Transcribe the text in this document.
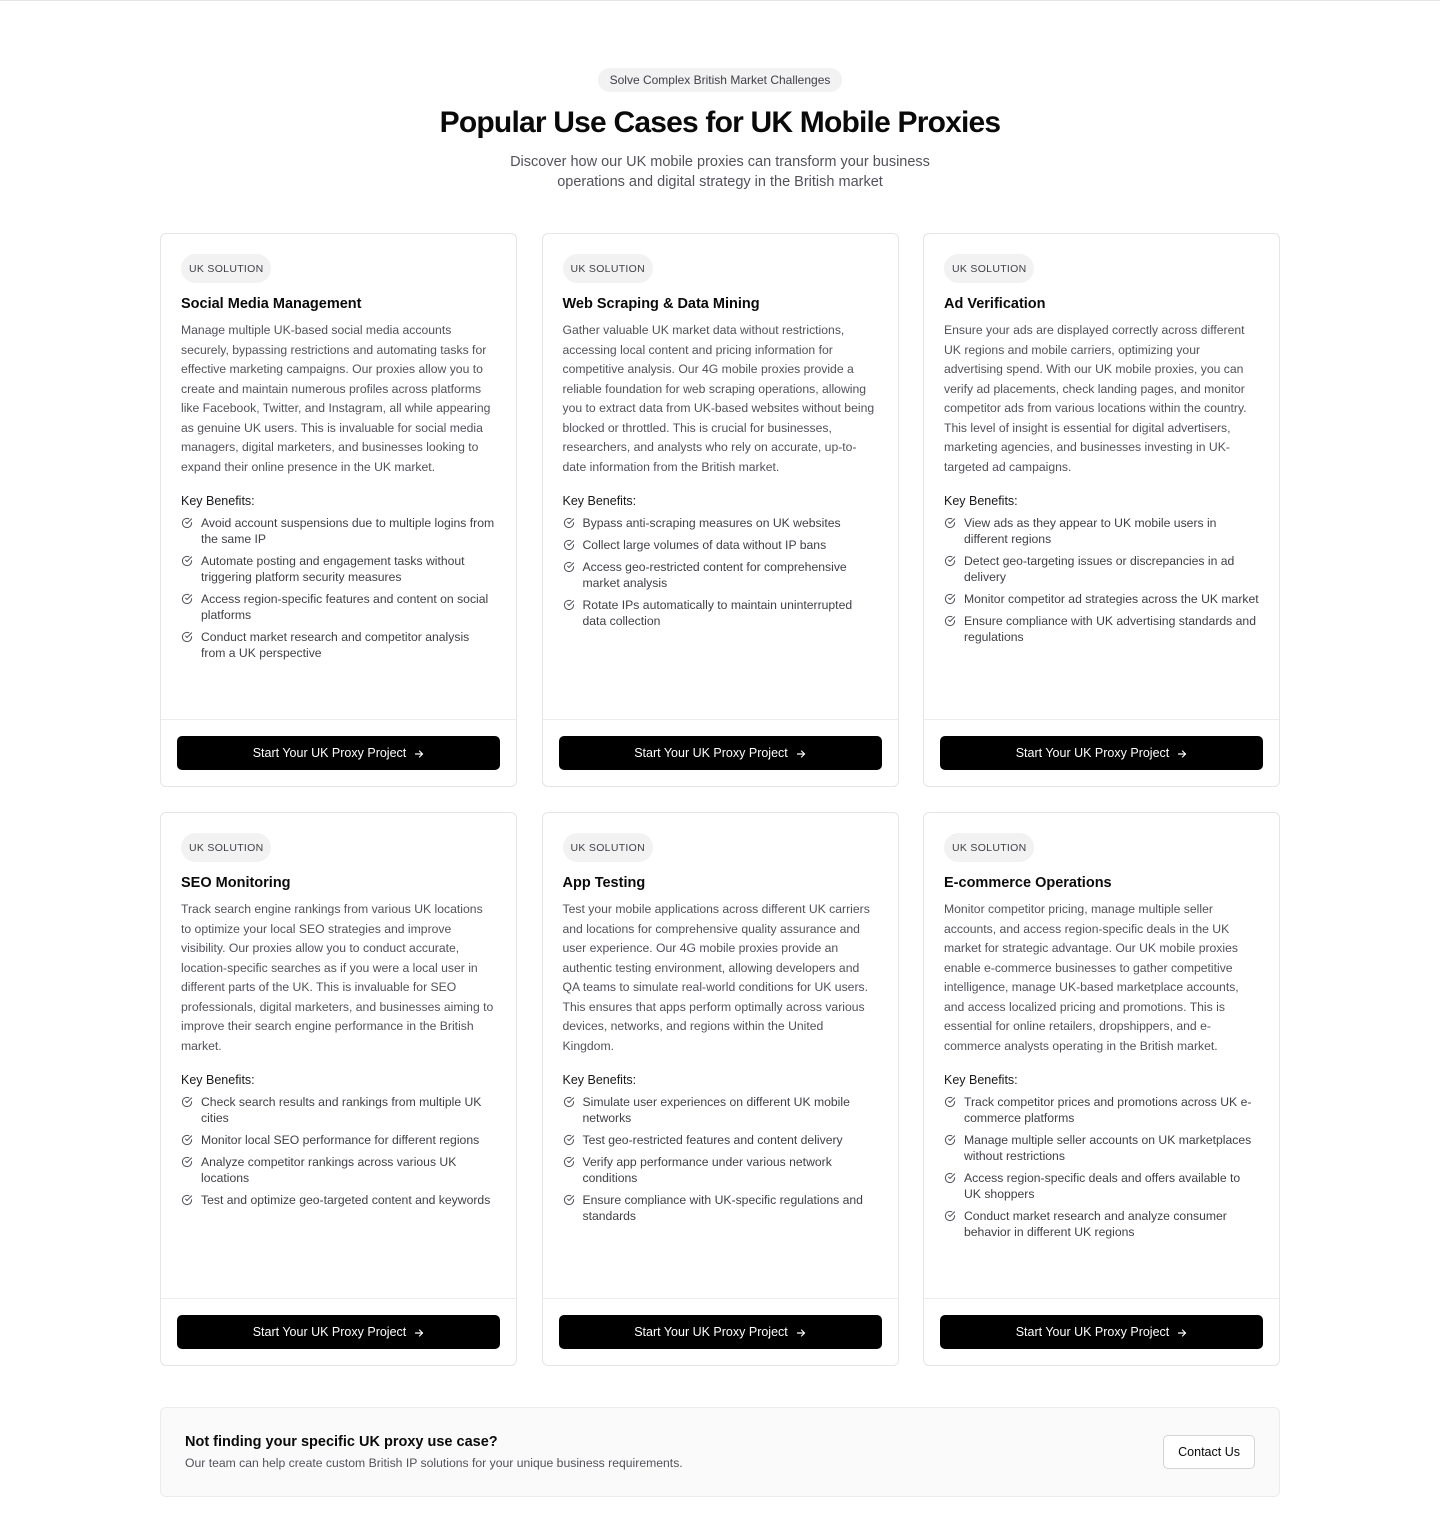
Solve Complex British Market Challenges
Popular Use Cases for UK Mobile Proxies

Discover how our UK mobile proxies can transform your business operations and digital strategy in the British market

UK SOLUTION
Social Media Management

Manage multiple UK-based social media accounts securely, bypassing restrictions and automating tasks for effective marketing campaigns. Our proxies allow you to create and maintain numerous profiles across platforms like Facebook, Twitter, and Instagram, all while appearing as genuine UK users. This is invaluable for social media managers, digital marketers, and businesses looking to expand their online presence in the UK market.

Key Benefits:
Avoid account suspensions due to multiple logins from the same IP
Automate posting and engagement tasks without triggering platform security measures
Access region-specific features and content on social platforms
Conduct market research and competitor analysis from a UK perspective
Start Your UK Proxy Project
UK SOLUTION
Web Scraping & Data Mining

Gather valuable UK market data without restrictions, accessing local content and pricing information for competitive analysis. Our 4G mobile proxies provide a reliable foundation for web scraping operations, allowing you to extract data from UK-based websites without being blocked or throttled. This is crucial for businesses, researchers, and analysts who rely on accurate, up-to-date information from the British market.

Key Benefits:
Bypass anti-scraping measures on UK websites
Collect large volumes of data without IP bans
Access geo-restricted content for comprehensive market analysis
Rotate IPs automatically to maintain uninterrupted data collection
Start Your UK Proxy Project
UK SOLUTION
Ad Verification

Ensure your ads are displayed correctly across different UK regions and mobile carriers, optimizing your advertising spend. With our UK mobile proxies, you can verify ad placements, check landing pages, and monitor competitor ads from various locations within the country. This level of insight is essential for digital advertisers, marketing agencies, and businesses investing in UK-targeted ad campaigns.

Key Benefits:
View ads as they appear to UK mobile users in different regions
Detect geo-targeting issues or discrepancies in ad delivery
Monitor competitor ad strategies across the UK market
Ensure compliance with UK advertising standards and regulations
Start Your UK Proxy Project
UK SOLUTION
SEO Monitoring

Track search engine rankings from various UK locations to optimize your local SEO strategies and improve visibility. Our proxies allow you to conduct accurate, location-specific searches as if you were a local user in different parts of the UK. This is invaluable for SEO professionals, digital marketers, and businesses aiming to improve their search engine performance in the British market.

Key Benefits:
Check search results and rankings from multiple UK cities
Monitor local SEO performance for different regions
Analyze competitor rankings across various UK locations
Test and optimize geo-targeted content and keywords
Start Your UK Proxy Project
UK SOLUTION
App Testing

Test your mobile applications across different UK carriers and locations for comprehensive quality assurance and user experience. Our 4G mobile proxies provide an authentic testing environment, allowing developers and QA teams to simulate real-world conditions for UK users. This ensures that apps perform optimally across various devices, networks, and regions within the United Kingdom.

Key Benefits:
Simulate user experiences on different UK mobile networks
Test geo-restricted features and content delivery
Verify app performance under various network conditions
Ensure compliance with UK-specific regulations and standards
Start Your UK Proxy Project
UK SOLUTION
E-commerce Operations

Monitor competitor pricing, manage multiple seller accounts, and access region-specific deals in the UK market for strategic advantage. Our UK mobile proxies enable e-commerce businesses to gather competitive intelligence, manage UK-based marketplace accounts, and access localized pricing and promotions. This is essential for online retailers, dropshippers, and e-commerce analysts operating in the British market.

Key Benefits:
Track competitor prices and promotions across UK e-commerce platforms
Manage multiple seller accounts on UK marketplaces without restrictions
Access region-specific deals and offers available to UK shoppers
Conduct market research and analyze consumer behavior in different UK regions
Start Your UK Proxy Project
Not finding your specific UK proxy use case?
Our team can help create custom British IP solutions for your unique business requirements.
Contact Us
